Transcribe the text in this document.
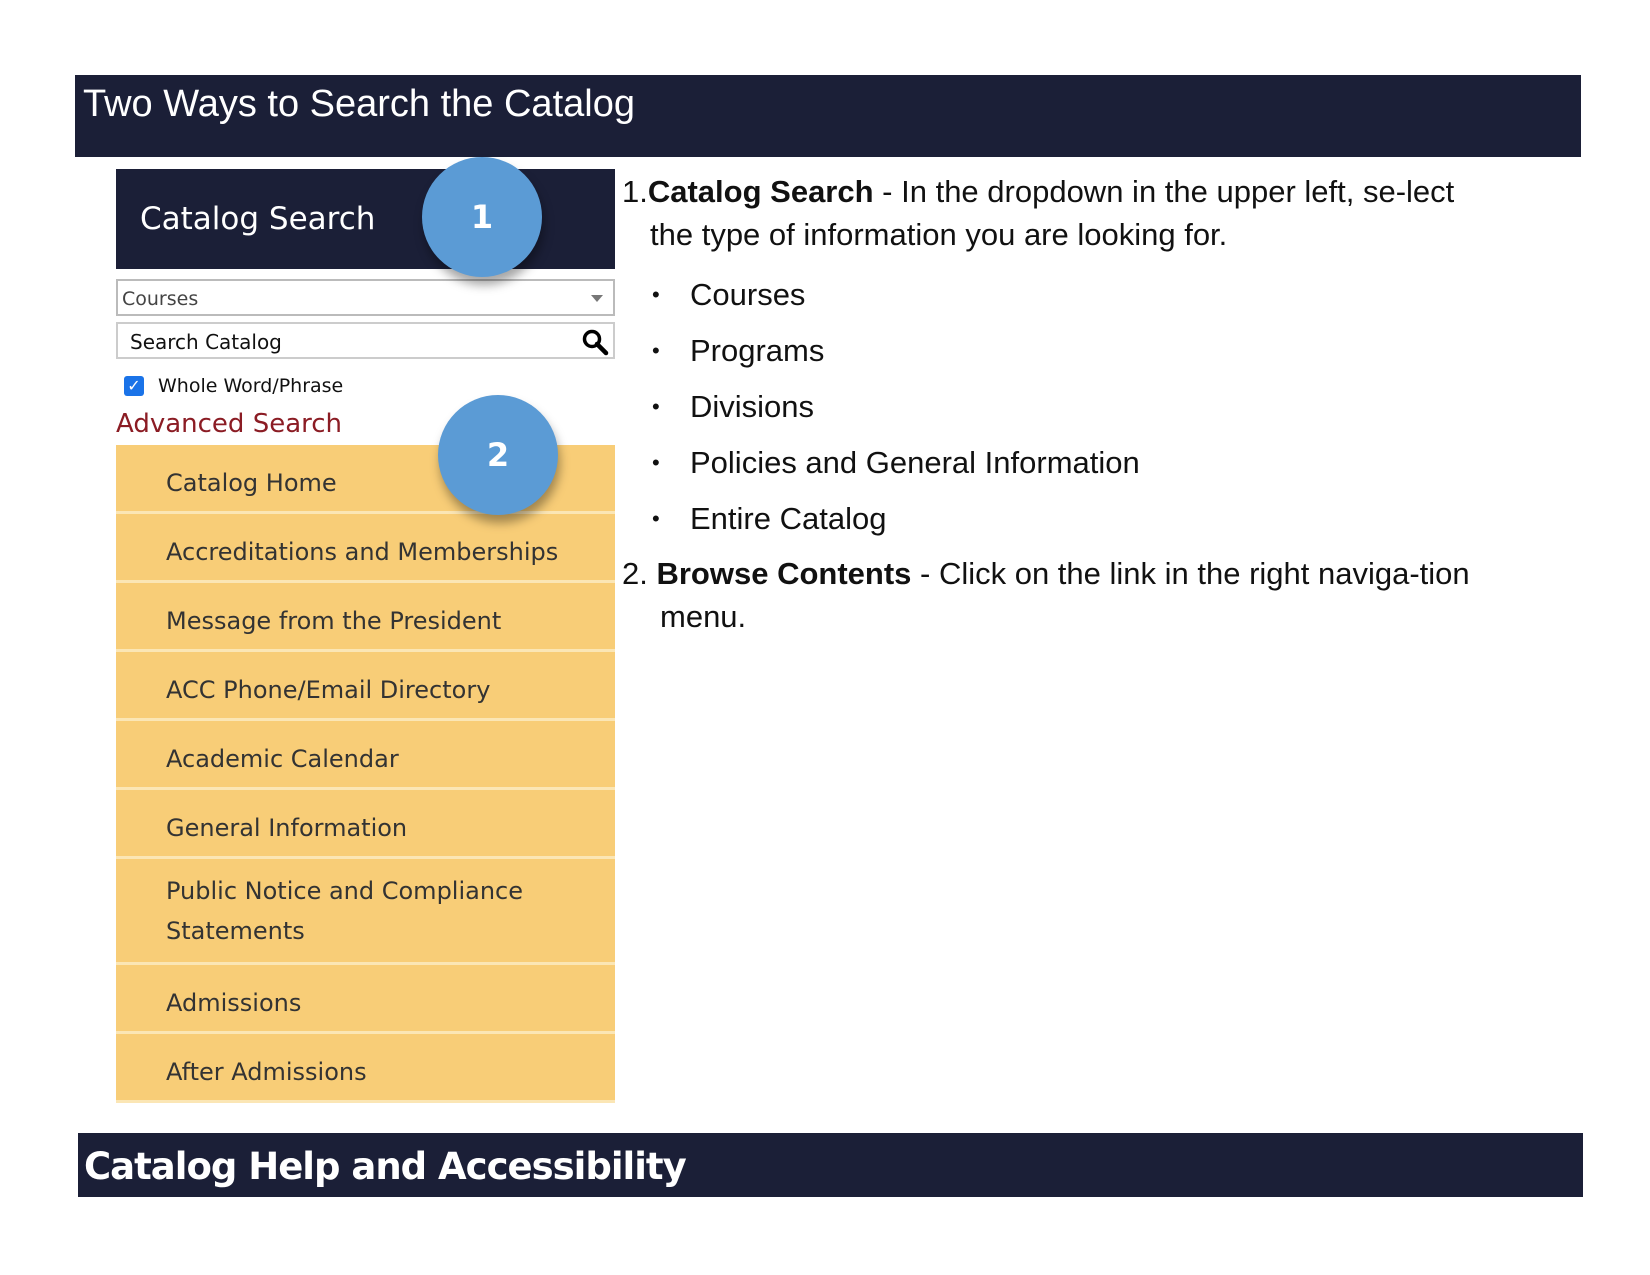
Two Ways to Search the Catalog
Catalog Search
Courses
Search Catalog
✓ Whole Word/Phrase
Advanced Search
Catalog Home
Accreditations and Memberships
Message from the President
ACC Phone/Email Directory
Academic Calendar
General Information
Public Notice and Compliance Statements
Admissions
After Admissions
1
2
1.Catalog Search - In the dropdown in the upper left, se-lect the type of information you are looking for.
• Courses
• Programs
• Divisions
• Policies and General Information
• Entire Catalog
2. Browse Contents - Click on the link in the right naviga-tion menu.
Catalog Help and Accessibility
